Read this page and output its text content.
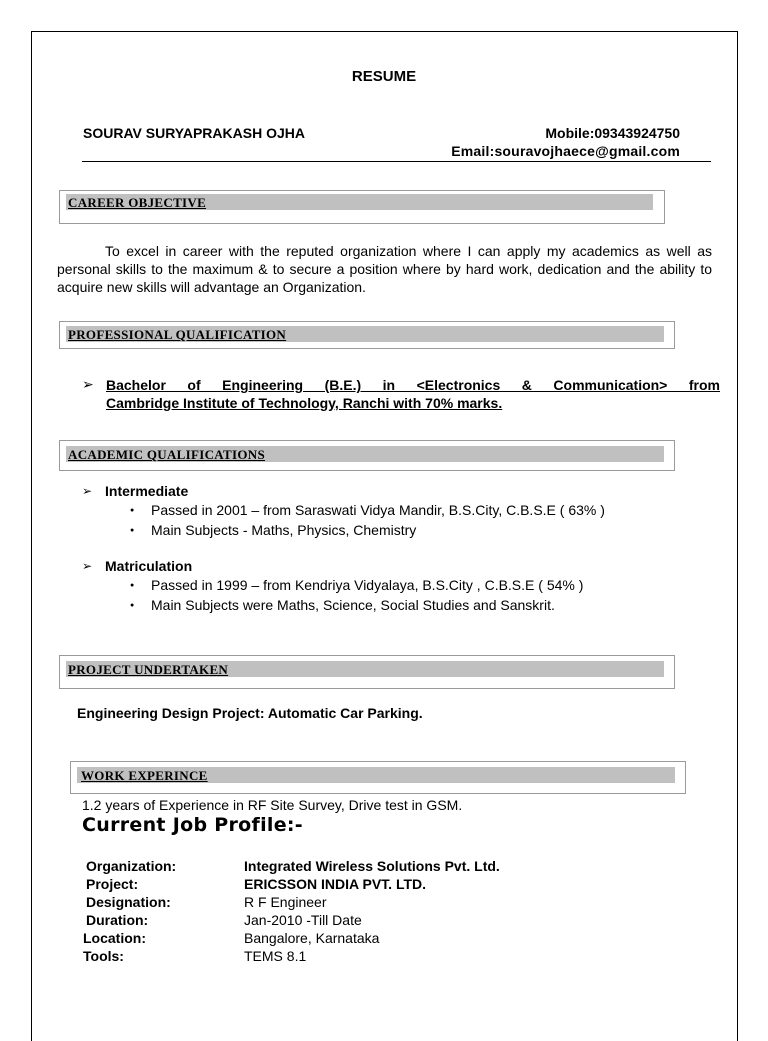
RESUME
SOURAV SURYAPRAKASH OJHA	Mobile:09343924750
Email:souravojhaece@gmail.com
CAREER OBJECTIVE
To excel in career with the reputed organization where I can apply my academics as well as personal skills to the maximum & to secure a position where by hard work, dedication and the ability to acquire new skills will advantage an Organization.
PROFESSIONAL QUALIFICATION
➢ Bachelor of Engineering (B.E.) in <Electronics & Communication> from
Cambridge Institute of Technology, Ranchi with 70% marks.
ACADEMIC QUALIFICATIONS
➢ Intermediate
● Passed in 2001 – from Saraswati Vidya Mandir, B.S.City, C.B.S.E ( 63% )
● Main Subjects - Maths, Physics, Chemistry
➢ Matriculation
● Passed in 1999 – from Kendriya Vidyalaya, B.S.City , C.B.S.E ( 54% )
● Main Subjects were Maths, Science, Social Studies and Sanskrit.
PROJECT UNDERTAKEN
Engineering Design Project: Automatic Car Parking.
WORK EXPERINCE
1.2 years of Experience in RF Site Survey, Drive test in GSM.
Current Job Profile:-
Organization:	Integrated Wireless Solutions Pvt. Ltd.
Project:	ERICSSON INDIA PVT. LTD.
Designation:	R F Engineer
Duration:	Jan-2010 -Till Date
Location:	Bangalore, Karnataka
Tools:	TEMS 8.1
